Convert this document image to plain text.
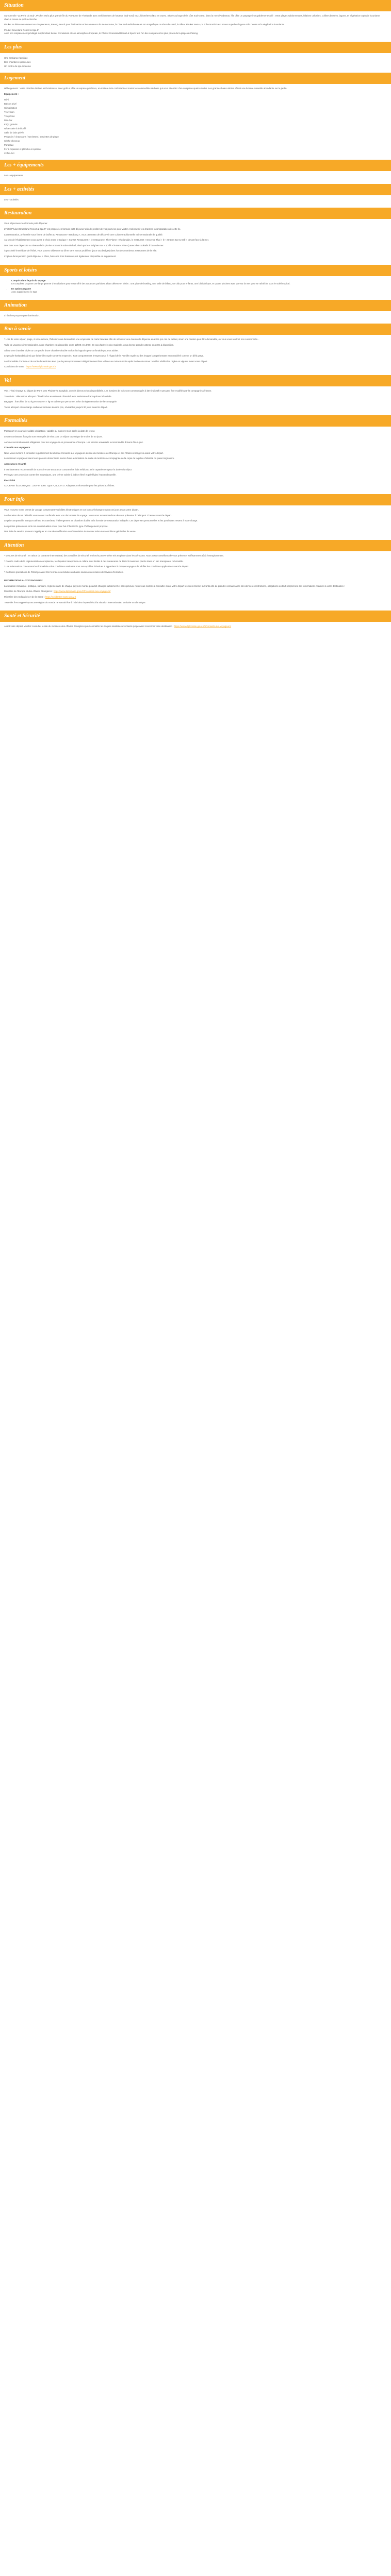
Situation

Surnommée "La Perle du Sud", Phuket est la plus grande île du Royaume de Thaïlande avec 48 kilomètres de hauteur (sud-nord) et 21 kilomètres d'Est en Ouest. Située au large de la côte Sud-Ouest, dans la mer d'Andaman, l'île offre un paysage incroyablement varié : entre plages sablonneuses, falaises calcaires, collines boisées, lagons, et végétation tropicale luxuriante, chacun trouve ce qu'il recherche.

Phuket se divise notamment en cinq secteurs, Patong Beach pour l'animation et les amateurs de vie nocturne, la Côte Sud-méridionale et son magnifique coucher de soleil, la Ville « Phuket town », la Côte Nord-Ouest et ses superbes lagons et le Centre et la végétation luxuriante.

Phuket Graceland Resort & Spa 5*
Avec son emplacement privilégié surplombant la mer d'Andaman et son atmosphère tropicale, le Phuket Graceland Resort & Spa 5* est l'un des complexes les plus prisés de la plage de Patong.

Les plus
Une ambiance familiale
Des chambres spacieuses
Un centre de spa moderne
Logement

Hébergement : Votre chambre Deluxe est lumineuse, avec goût et offre un espace généreux, en matière très confortable et toutes les commodités de base qui vous attendez d'un complexe quatre étoiles. Les grandes baies vitrées offrent une lumière naturelle abondante sur le jardin.

Équipement :

WiFi
Balcon privé
Climatisation
Télévision
Téléphone
Mini-bar
Kit(s) gratuits
Nécessaire à thé/café
Salle de bain privée
Peignoirs / chaussons / serviettes / serviettes de plage
Sèche-cheveux
Parapluie
Fer à repasser et planche à repasser
Coffre-fort
Les + équipements

Les + équipements

Les + activités

Les + activités

Restauration

Vous séjournerez en formule petit déjeuner.

L'hôtel Phuket Graceland Resort & Spa 5* est proposé en formule petit déjeuner afin de profiter de vos journées pour visiter et découvrir les charmes incomparables de cette île.

La restauration, présentée sous forme de buffet au Restaurant « Baobang », vous permettra de découvrir une cuisine traditionnelle et internationale de qualité.

Au sein de l'établissement vous aurez le choix entre le typique « Sunset Restaurant », le restaurant « The Flame » thaïlandais, le restaurant « Essence Thai » le « Graces Bar & Grill » devant face à la mer.

Des bars vont dépendre au niveau de la piscine et dans le salon du hall, ainsi que le « Brighter Bar » (Café + le Bar « Vine ») avec des cocktails à base de mer.

À proximité immédiate de l'hôtel, vous pourrez déjeuner ou dîner sans aucun problème (pour tout budget) dans l'un des nombreux restaurants de la ville.

L'option demi-pension (petit déjeuner + dîner, boissons hors boissons) est également disponible en supplément.

Sports et loisirs
• Compris dans le prix du voyage
Le complexe propose une large gamme d'installations pour vous offrir des vacances parfaites alliant détente et loisirs : une piste de bowling, une salle de billard, un club pour enfants, une bibliothèque, et quatre piscines avec vue sur la mer pour se rafraîchir sous le soleil tropical.
• En option payante
Avec supplément : le Spa
Animation

L'hôtel ne propose pas d'animation.

Bon à savoir

* Lors de votre séjour, plage, à votre arrivée, l'hôtelier vous demandera une empreinte de carte bancaire afin de sécuriser une éventuelle dépense en extra (en cas de défaut, sinon une caution peut être demandée, ou vous vous rendrez non consommés...

Taille de vacances internationales, notre chambre est disponible entre 12h00 et 14h00. En cas d'arrivée plus matinale, vous devrez prendre attente en extra à disposition.

Séjours en chambre triple ou composée d'une chambre double et d'un lit d'appoint peu confortable pour un adulte.

Le peuple thaïlandais ainsi que la famille royale sont très respectés. Tout comportement irrespectueux à l'égard de la Famille royale ou des images la représentant est considéré comme un délit grave.

Les formalités d'entrée et de sortie du territoire ainsi que le passeport doivent obligatoirement être valides au moins 6 mois après la date de retour. Veuillez vérifier les règles en vigueur avant votre départ.

Conditions de vente : https://www.diplomatie.gouv.fr

Vol

Vols : Thai Airways au départ de Paris vers Phuket via Bangkok, ou vols directs selon disponibilités. Les horaires de vols sont communiqués à titre indicatif et peuvent être modifiés par la compagnie aérienne.

Transferts : aller-retour aéroport / hôtel inclus en véhicule climatisé avec assistance francophone à l'arrivée.

Bagages : franchise de 23 kg en soute et 7 kg en cabine par personne, selon la réglementation de la compagnie.

Taxes aéroport et surcharge carburant incluses dans le prix, révisables jusqu'à 30 jours avant le départ.

Formalités

Passeport en cours de validité obligatoire, valable au moins 6 mois après la date de retour.

Les ressortissants français sont exemptés de visa pour un séjour touristique de moins de 30 jours.

Aucune vaccination n'est obligatoire pour les voyageurs en provenance d'Europe. Les vaccins universels recommandés doivent être à jour.

Conseils aux voyageurs

Nous vous invitons à consulter régulièrement la rubrique Conseils aux voyageurs du site du ministère de l'Europe et des Affaires étrangères avant votre départ.

Les mineurs voyageant sans leurs parents doivent être munis d'une autorisation de sortie du territoire accompagnée de la copie de la pièce d'identité du parent signataire.

Assurances et santé

Il est fortement recommandé de souscrire une assurance couvrant les frais médicaux et le rapatriement pour la durée du séjour.

Prévoyez une protection contre les moustiques, une crème solaire à indice élevé et privilégiez l'eau en bouteille.

Électricité

COURANT ÉLECTRIQUE : 220V et 50Hz. Type A, B, C et O. Adaptateur nécessaire pour les prises à 3 fiches.

Pour info

Vous recevrez votre carnet de voyage comprenant vos billets électroniques et vos bons d'échange environ 10 jours avant votre départ.

Les horaires de vol définitifs vous seront confirmés avec vos documents de voyage. Nous vous recommandons de vous présenter à l'aéroport 3 heures avant le départ.

Le prix comprend le transport aérien, les transferts, l'hébergement en chambre double et la formule de restauration indiquée. Les dépenses personnelles et les pourboires restent à votre charge.

Les photos présentées sont non contractuelles et ont pour but d'illustrer le type d'hébergement proposé.

Des frais de service peuvent s'appliquer en cas de modification ou d'annulation du dossier selon nos conditions générales de vente.

Attention

* Mesures de sécurité : en raison du contexte international, des contrôles de sécurité renforcés peuvent être mis en place dans les aéroports. Nous vous conseillons de vous présenter suffisamment tôt à l'enregistrement.

* Dans le cadre de la réglementation européenne, les liquides transportés en cabine sont limités à des contenants de 100 ml maximum placés dans un sac transparent refermable.

* Les informations concernant les formalités et les conditions sanitaires sont susceptibles d'évoluer. Il appartient à chaque voyageur de vérifier les conditions applicables avant le départ.

* Certaines prestations de l'hôtel peuvent être fermées ou réduites en basse saison ou en raison de travaux d'entretien.

INFORMATIONS AUX VOYAGEURS :

La situation climatique, politique, sanitaire, réglementaire de chaque pays de monde pouvant changer subitement et sans préavis, nous vous invitons à consulter avant votre départ les sites internet suivants afin de prendre connaissance des dernières restrictions, obligations ou tout simplement des informations relatives à votre destination :

Ministère de l'Europe et des Affaires étrangères : https://www.diplomatie.gouv.fr/fr/conseils-aux-voyageurs/

Ministère des Solidarités et de la Santé : https://solidarites-sante.gouv.fr

Toutefois il est rappelé qu'aucune région du monde ne saurait être à l'abri des risques liés à la situation internationale, sanitaire ou climatique.

Santé et Sécurité

Avant votre départ, veuillez consulter le site du ministère des Affaires étrangères pour connaître les risques sanitaires éventuels qui peuvent concerner votre destination : https://www.diplomatie.gouv.fr/fr/conseils-aux-voyageurs/
